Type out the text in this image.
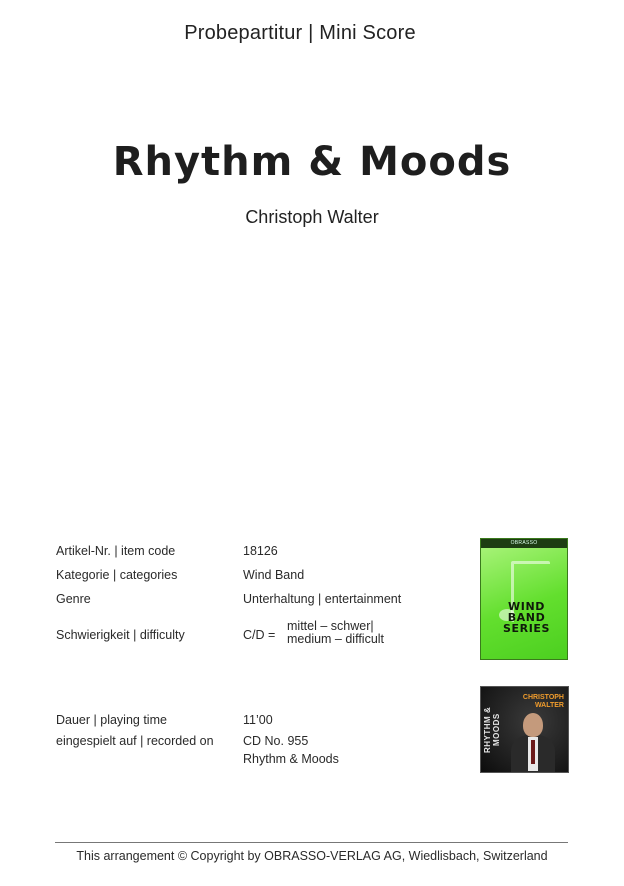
Probepartitur | Mini Score
Rhythm & Moods
Christoph Walter
Artikel-Nr. | item code	18126
Kategorie | categories	Wind Band
Genre	Unterhaltung | entertainment
Schwierigkeit | difficulty	C/D =
mittel – schwer|
medium – difficult
Dauer | playing time	11’00
eingespielt auf | recorded on CD No. 955
Rhythm & Moods
OBRASSO
WIND
BAND
SERIES
RHYTHM & MOODS
CHRISTOPH
WALTER
This arrangement © Copyright by OBRASSO-VERLAG AG, Wiedlisbach, Switzerland
